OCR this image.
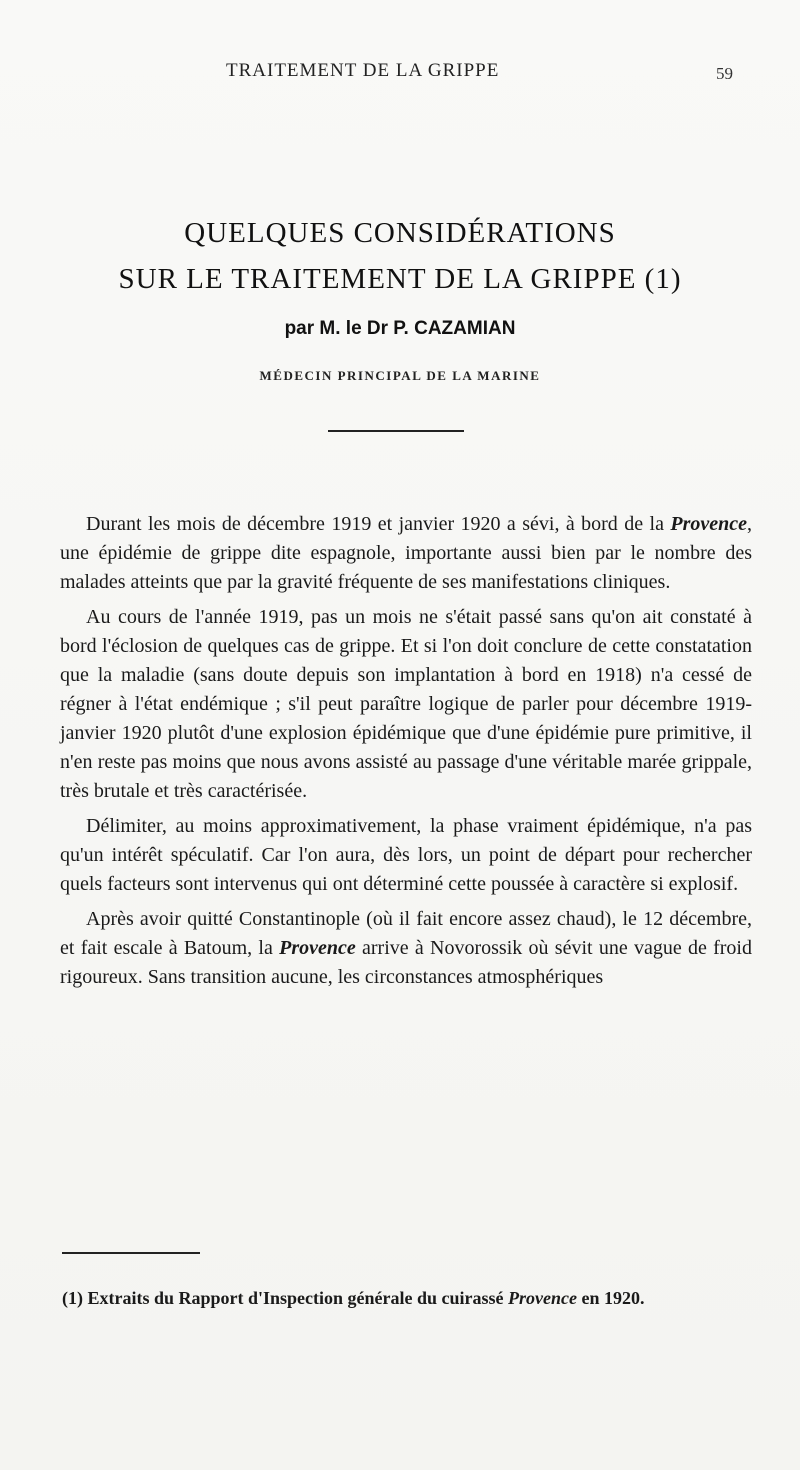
TRAITEMENT DE LA GRIPPE	59
QUELQUES CONSIDÉRATIONS
SUR LE TRAITEMENT DE LA GRIPPE (1)
par M. le Dr P. CAZAMIAN
MÉDECIN PRINCIPAL DE LA MARINE

Durant les mois de décembre 1919 et janvier 1920 a sévi, à bord de la Provence, une épidémie de grippe dite espagnole, importante aussi bien par le nombre des malades atteints que par la gravité fréquente de ses manifestations cliniques.

Au cours de l'année 1919, pas un mois ne s'était passé sans qu'on ait constaté à bord l'éclosion de quelques cas de grippe. Et si l'on doit conclure de cette constatation que la maladie (sans doute depuis son implantation à bord en 1918) n'a cessé de régner à l'état endémique ; s'il peut paraître logique de parler pour décembre 1919-janvier 1920 plutôt d'une explosion épidémique que d'une épidémie pure primitive, il n'en reste pas moins que nous avons assisté au passage d'une véritable marée grippale, très brutale et très caractérisée.

Délimiter, au moins approximativement, la phase vraiment épidémique, n'a pas qu'un intérêt spéculatif. Car l'on aura, dès lors, un point de départ pour rechercher quels facteurs sont intervenus qui ont déterminé cette poussée à caractère si explosif.

Après avoir quitté Constantinople (où il fait encore assez chaud), le 12 décembre, et fait escale à Batoum, la Provence arrive à Novorossik où sévit une vague de froid rigoureux. Sans transition aucune, les circonstances atmosphériques

(1) Extraits du Rapport d'Inspection générale du cuirassé Provence en 1920.
